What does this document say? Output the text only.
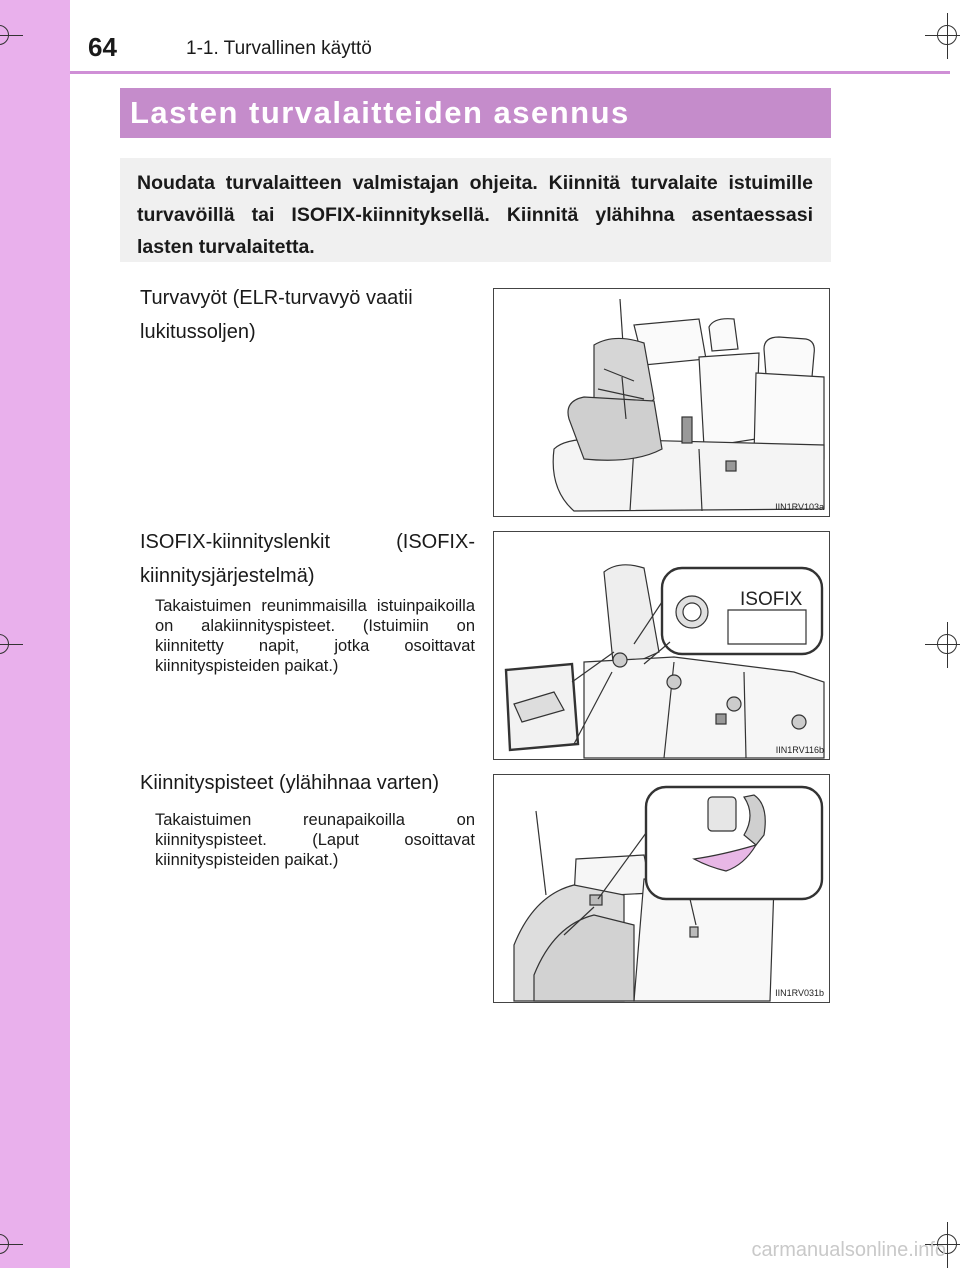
64	1-1. Turvallinen käyttö
Lasten turvalaitteiden asennus
Noudata turvalaitteen valmistajan ohjeita. Kiinnitä turvalaite istuimille turvavöillä tai ISOFIX-kiinnityksellä. Kiinnitä ylähihna asentaessasi lasten turvalaitetta.
Turvavyöt (ELR-turvavyö vaatii lukitussoljen)
IIN1RV103a
ISOFIX-kiinnityslenkit (ISOFIX-kiinnitysjärjestelmä)
Takaistuimen reunimmaisilla istuinpaikoilla on alakiinnityspisteet. (Istuimiin on kiinnitetty napit, jotka osoittavat kiinnityspisteiden paikat.)
ISOFIX
IIN1RV116b
Kiinnityspisteet (ylähihnaa varten)
Takaistuimen reunapaikoilla on kiinnityspisteet. (Laput osoittavat kiinnityspisteiden paikat.)
IIN1RV031b
carmanualsonline.info
